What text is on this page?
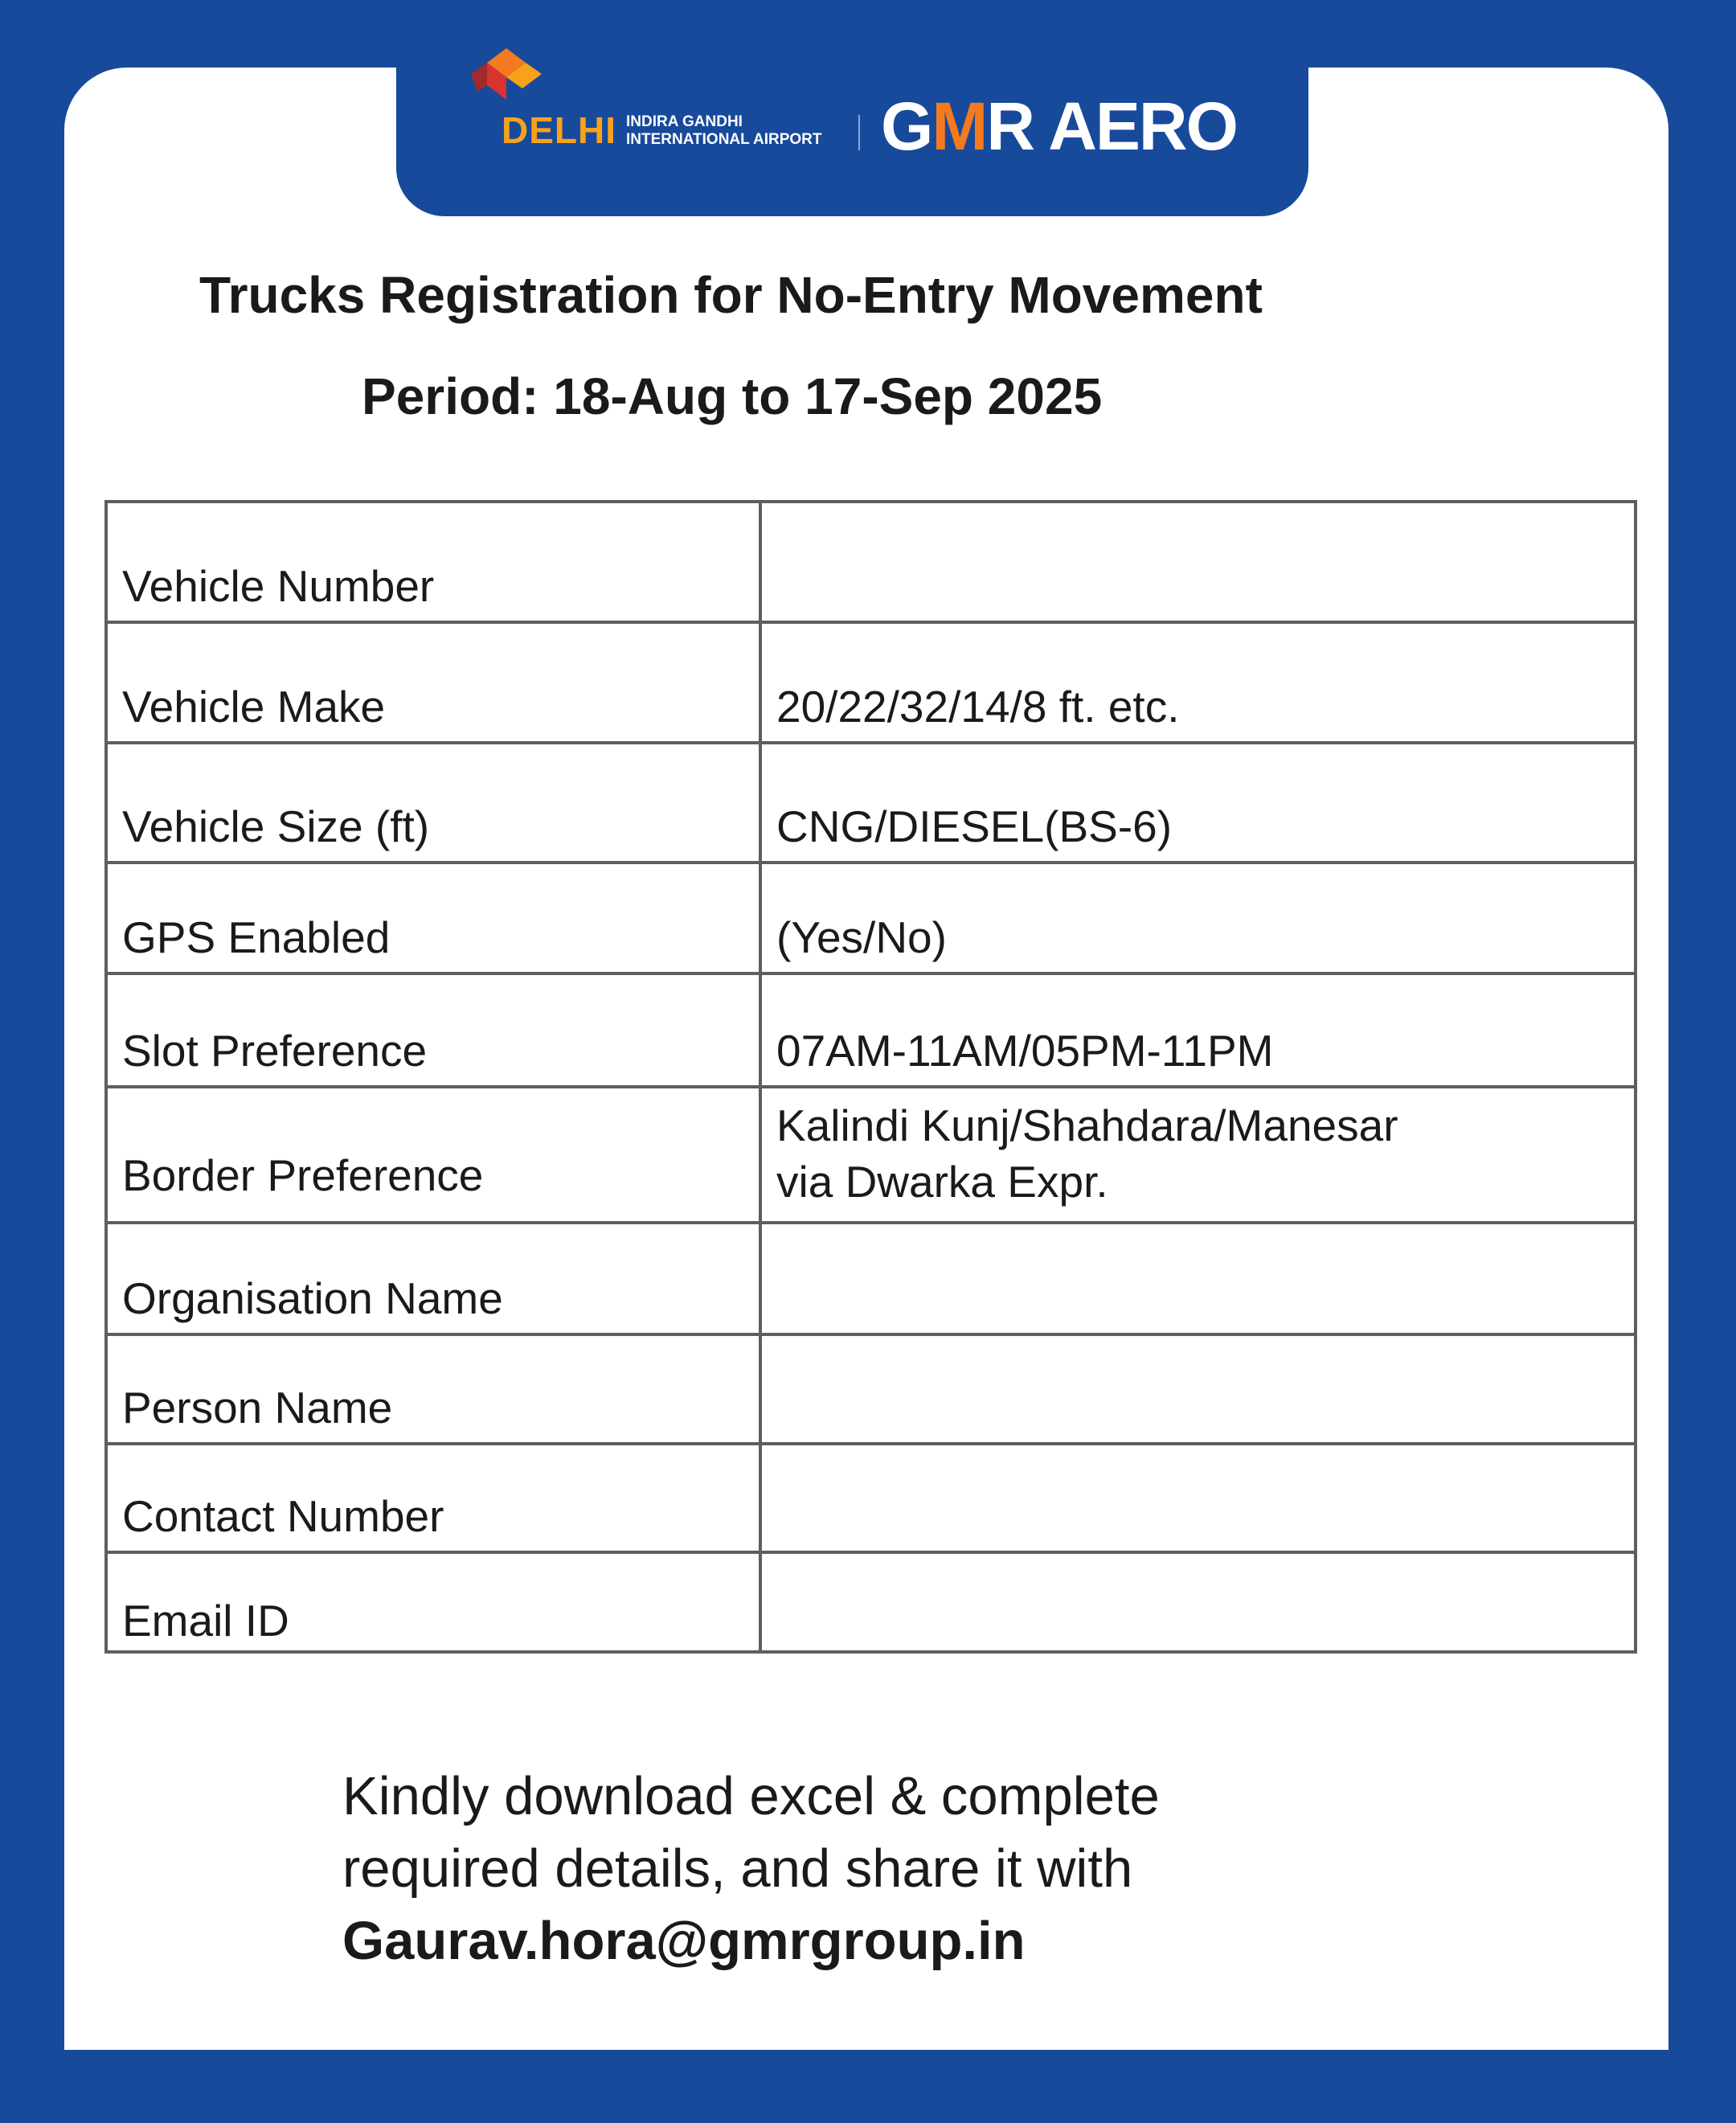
DELHI INDIRA GANDHI
INTERNATIONAL AIRPORT GMR AERO
Trucks Registration for No-Entry Movement
Period: 18-Aug to 17-Sep 2025
Vehicle Number	
Vehicle Make	20/22/32/14/8 ft. etc.
Vehicle Size (ft)	CNG/DIESEL(BS-6)
GPS Enabled	(Yes/No)
Slot Preference	07AM-11AM/05PM-11PM
Border Preference	Kalindi Kunj/Shahdara/Manesar
via Dwarka Expr.

Organisation Name	
Person Name	
Contact Number	
Email ID	
Kindly download excel & complete
required details, and share it with
Gaurav.hora@gmrgroup.in
